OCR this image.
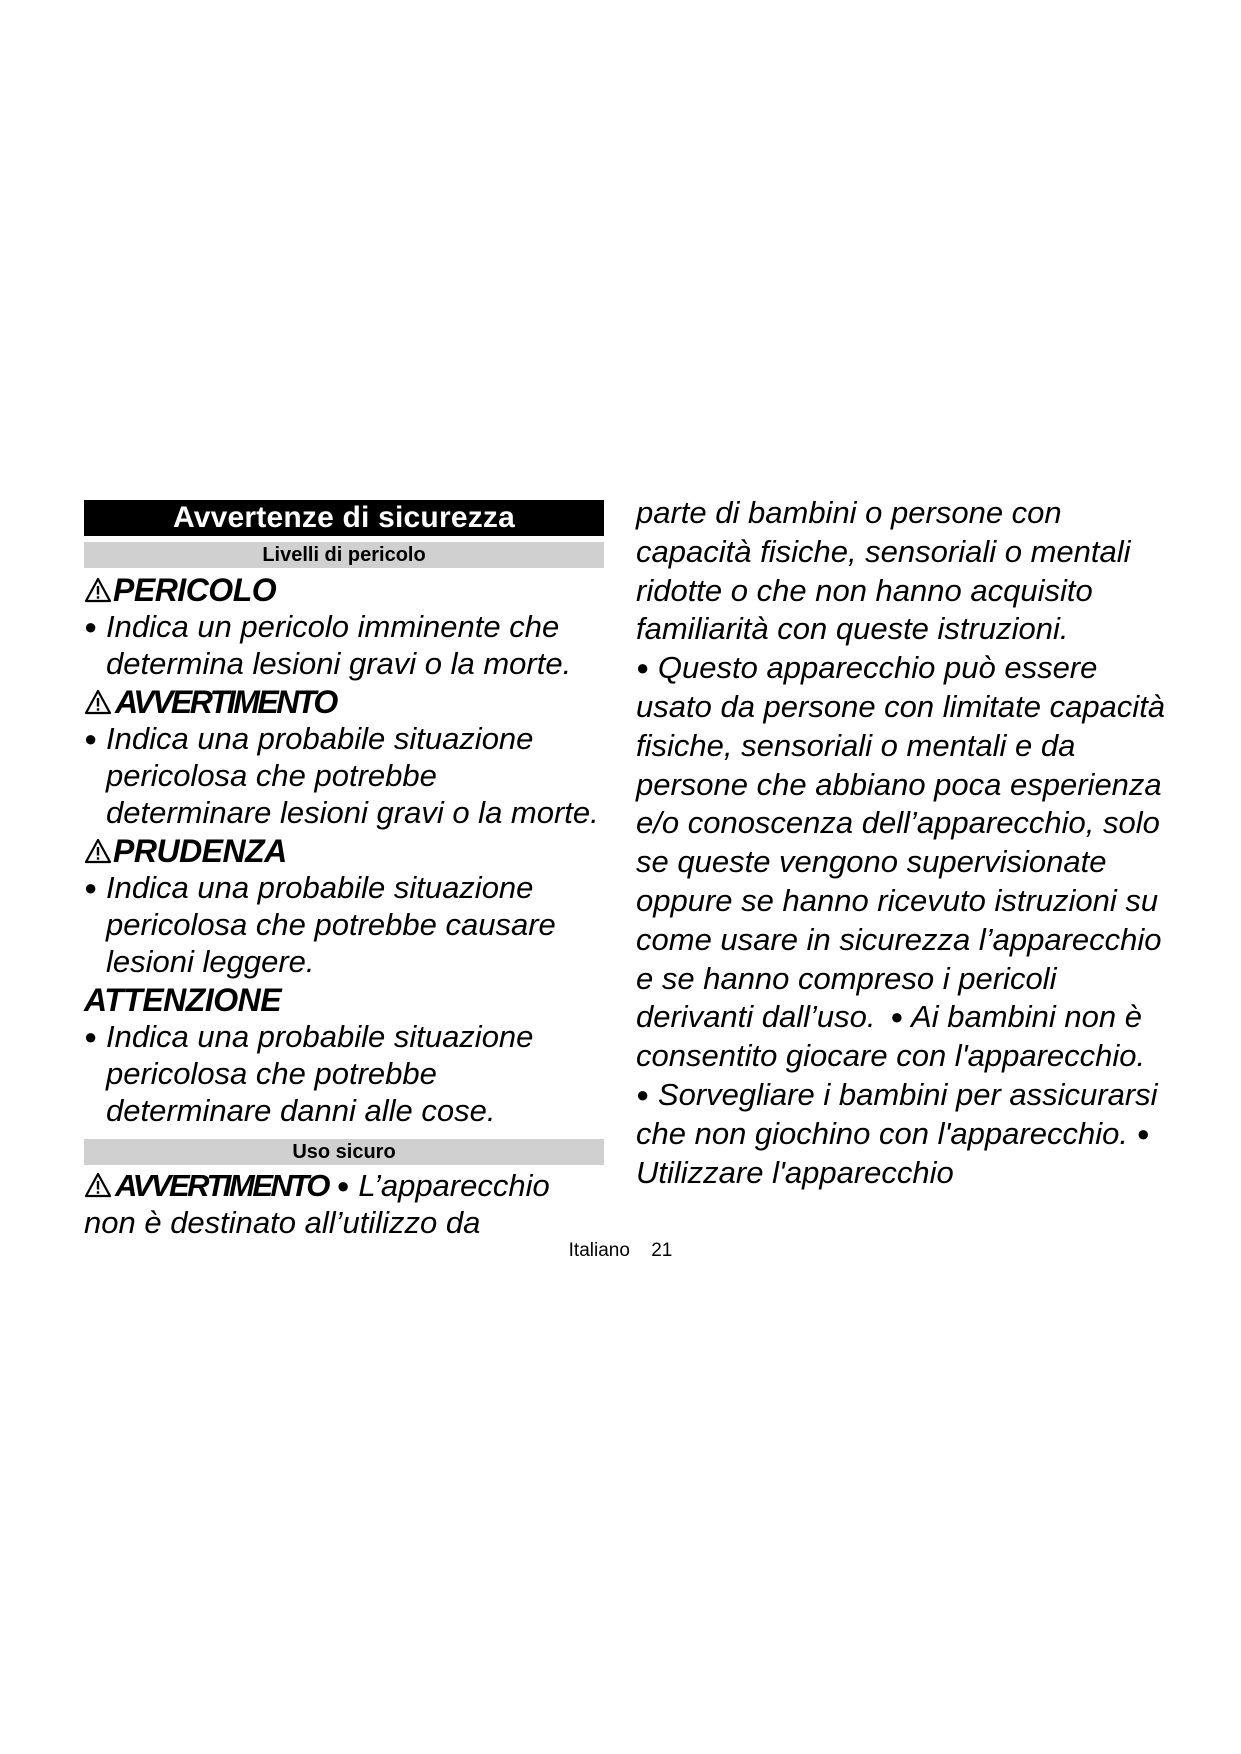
Avvertenze di sicurezza
Livelli di pericolo
PERICOLO
● Indica un pericolo imminente che determina lesioni gravi o la morte.
AVVERTIMENTO
● Indica una probabile situazione pericolosa che potrebbe determinare lesioni gravi o la morte.
PRUDENZA
● Indica una probabile situazione pericolosa che potrebbe causare lesioni leggere.
ATTENZIONE
● Indica una probabile situazione pericolosa che potrebbe determinare danni alle cose.
Uso sicuro
AVVERTIMENTO ● L’apparecchio non è destinato all’utilizzo da
parte di bambini o persone con capacità fisiche, sensoriali o mentali ridotte o che non hanno acquisito familiarità con queste istruzioni.
● Questo apparecchio può essere usato da persone con limitate capacità fisiche, sensoriali o mentali e da persone che abbiano poca esperienza e/o conoscenza dell’apparecchio, solo se queste vengono supervisionate oppure se hanno ricevuto istruzioni su come usare in sicurezza l’apparecchio e se hanno compreso i pericoli derivanti dall’uso.  ● Ai bambini non è consentito giocare con l'apparecchio.
● Sorvegliare i bambini per assicurarsi che non giochino con l'apparecchio. ● Utilizzare l'apparecchio
Italiano 21
